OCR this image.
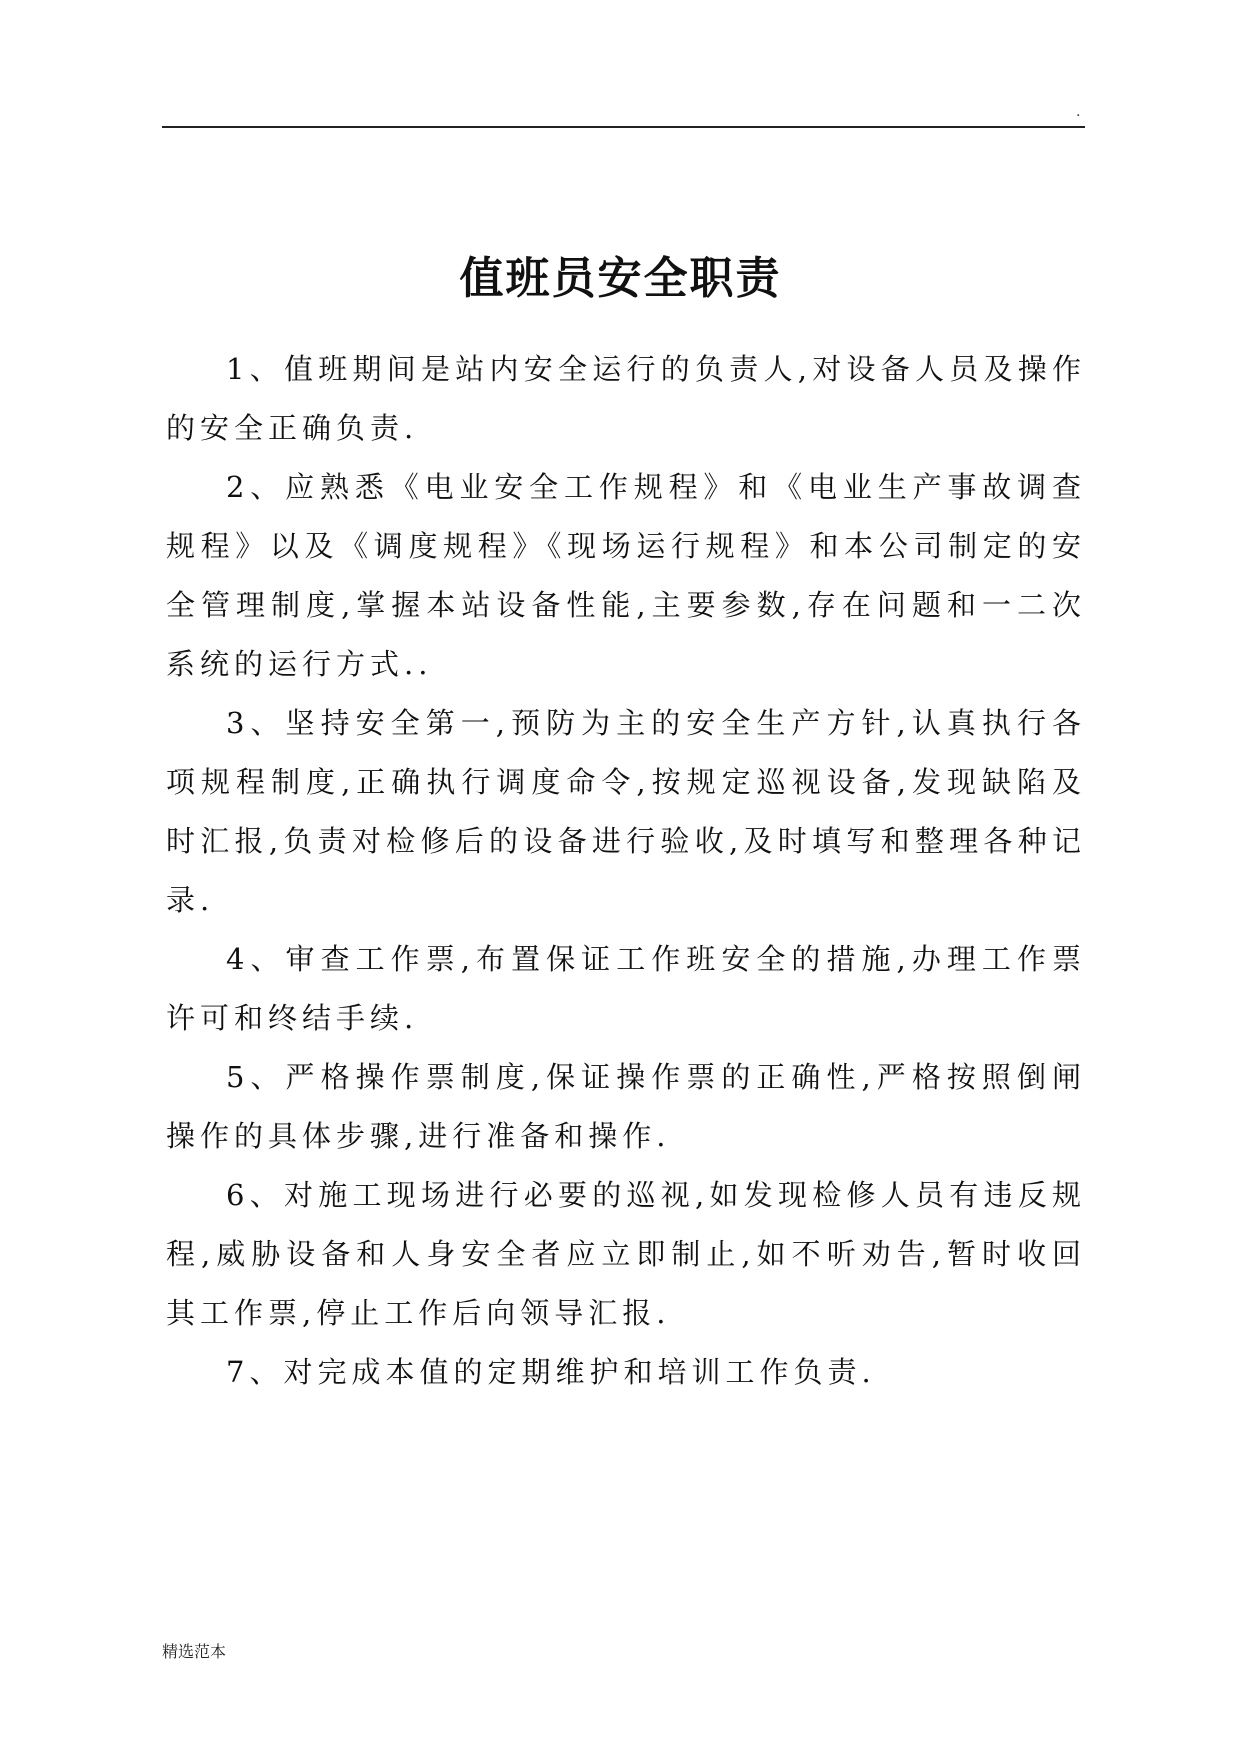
.
值班员安全职责

1、值班期间是站内安全运行的负责人,对设备人员及操作的安全正确负责.

2、应熟悉《电业安全工作规程》和《电业生产事故调查规程》以及《调度规程》《现场运行规程》和本公司制定的安全管理制度,掌握本站设备性能,主要参数,存在问题和一二次系统的运行方式..

3、坚持安全第一,预防为主的安全生产方针,认真执行各项规程制度,正确执行调度命令,按规定巡视设备,发现缺陷及时汇报,负责对检修后的设备进行验收,及时填写和整理各种记录.

4、审查工作票,布置保证工作班安全的措施,办理工作票许可和终结手续.

5、严格操作票制度,保证操作票的正确性,严格按照倒闸操作的具体步骤,进行准备和操作.

6、对施工现场进行必要的巡视,如发现检修人员有违反规程,威胁设备和人身安全者应立即制止,如不听劝告,暂时收回其工作票,停止工作后向领导汇报.

7、对完成本值的定期维护和培训工作负责.

精选范本
